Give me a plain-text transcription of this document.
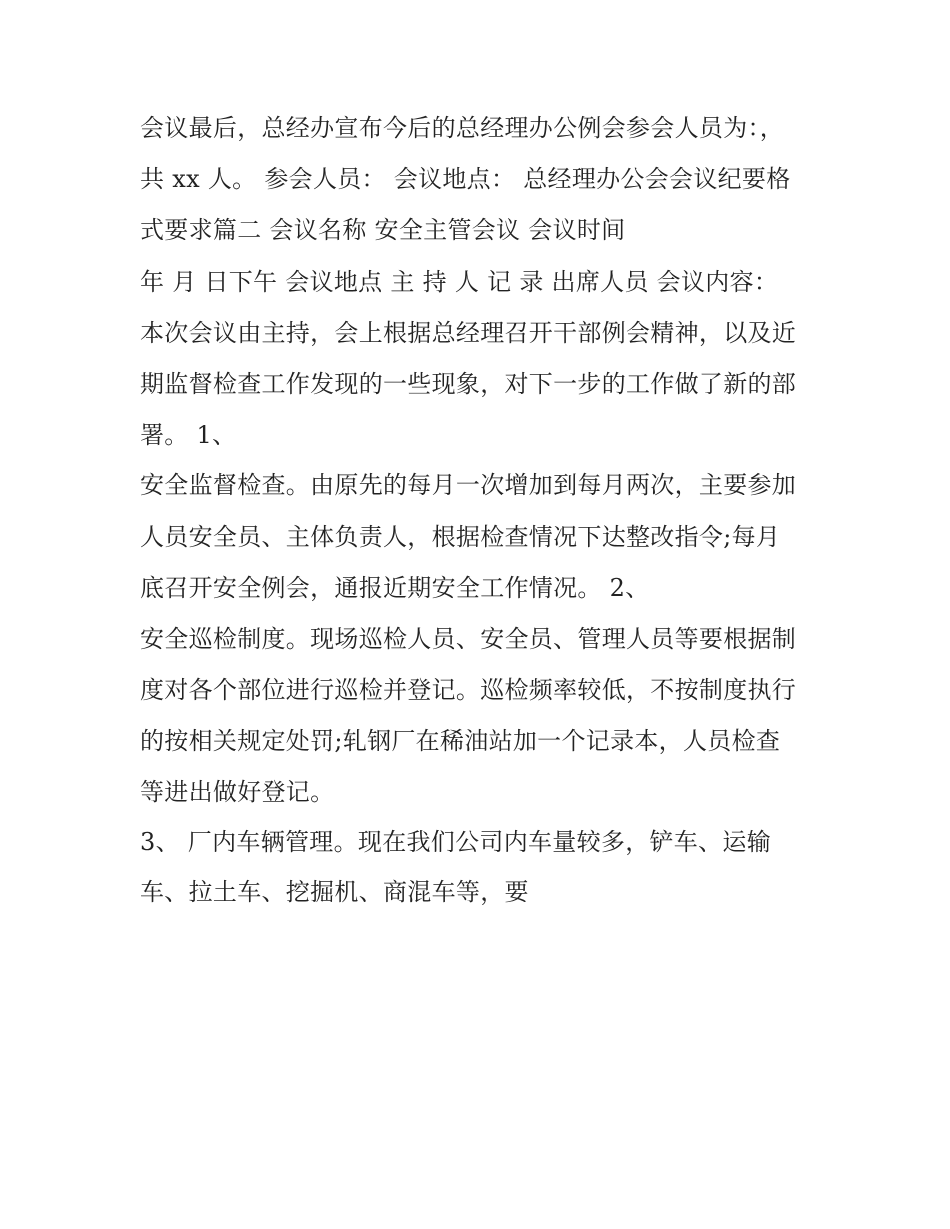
会议最后，总经办宣布今后的总经理办公例会参会人员为：，
共 xx 人。 参会人员： 会议地点： 总经理办公会会议纪要格
式要求篇二 会议名称 安全主管会议 会议时间
年 月 日下午 会议地点 主 持 人 记 录 出席人员 会议内容：
本次会议由主持，会上根据总经理召开干部例会精神，以及近
期监督检查工作发现的一些现象，对下一步的工作做了新的部
署。 1、
安全监督检查。由原先的每月一次增加到每月两次，主要参加
人员安全员、主体负责人，根据检查情况下达整改指令;每月
底召开安全例会，通报近期安全工作情况。 2、
安全巡检制度。现场巡检人员、安全员、管理人员等要根据制
度对各个部位进行巡检并登记。巡检频率较低，不按制度执行
的按相关规定处罚;轧钢厂在稀油站加一个记录本，人员检查
等进出做好登记。
3、 厂内车辆管理。现在我们公司内车量较多，铲车、运输
车、拉土车、挖掘机、商混车等，要
